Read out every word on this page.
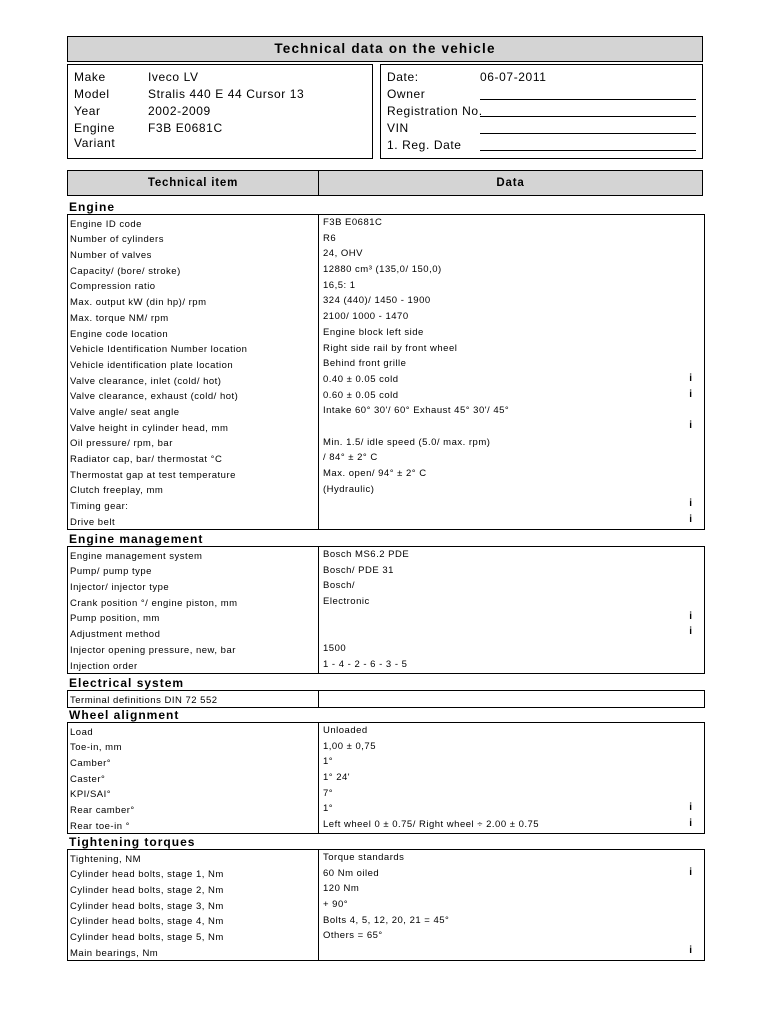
Technical data on the vehicle
Make	Iveco LV
Model	Stralis 440 E 44 Cursor 13
Year	2002-2009
Engine	F3B E0681C
Variant
Date:	06-07-2011
Owner
Registration No.
VIN
1. Reg. Date
Technical item	Data
Engine
Engine ID code	F3B E0681C
Number of cylinders	R6
Number of valves	24, OHV
Capacity/ (bore/ stroke)	12880 cm³ (135,0/ 150,0)
Compression ratio	16,5: 1
Max. output kW (din hp)/ rpm	324 (440)/ 1450 - 1900
Max. torque NM/ rpm	2100/ 1000 - 1470
Engine code location	Engine block left side
Vehicle Identification Number location	Right side rail by front wheel
Vehicle identification plate location	Behind front grille
Valve clearance, inlet (cold/ hot)	0.40 ± 0.05 cold	i
Valve clearance, exhaust (cold/ hot)	0.60 ± 0.05 cold	i
Valve angle/ seat angle	Intake 60° 30'/ 60° Exhaust 45° 30'/ 45°
Valve height in cylinder head, mm	i
Oil pressure/ rpm, bar	Min. 1.5/ idle speed (5.0/ max. rpm)
Radiator cap, bar/ thermostat °C	/ 84° ± 2° C
Thermostat gap at test temperature	Max. open/ 94° ± 2° C
Clutch freeplay, mm	(Hydraulic)
Timing gear:	i
Drive belt	i
Engine management
Engine management system	Bosch MS6.2 PDE
Pump/ pump type	Bosch/ PDE 31
Injector/ injector type	Bosch/
Crank position °/ engine piston, mm	Electronic
Pump position, mm	i
Adjustment method	i
Injector opening pressure, new, bar	1500
Injection order	1 - 4 - 2 - 6 - 3 - 5
Electrical system
Terminal definitions DIN 72 552
Wheel alignment
Load	Unloaded
Toe-in, mm	1,00 ± 0,75
Camber°	1°
Caster°	1° 24'
KPI/SAI°	7°
Rear camber°	1°	i
Rear toe-in °	Left wheel 0 ± 0.75/ Right wheel ÷ 2.00 ± 0.75	i
Tightening torques
Tightening, NM	Torque standards
Cylinder head bolts, stage 1, Nm	60 Nm oiled	i
Cylinder head bolts, stage 2, Nm	120 Nm
Cylinder head bolts, stage 3, Nm	+ 90°
Cylinder head bolts, stage 4, Nm	Bolts 4, 5, 12, 20, 21 = 45°
Cylinder head bolts, stage 5, Nm	Others = 65°
Main bearings, Nm	i
